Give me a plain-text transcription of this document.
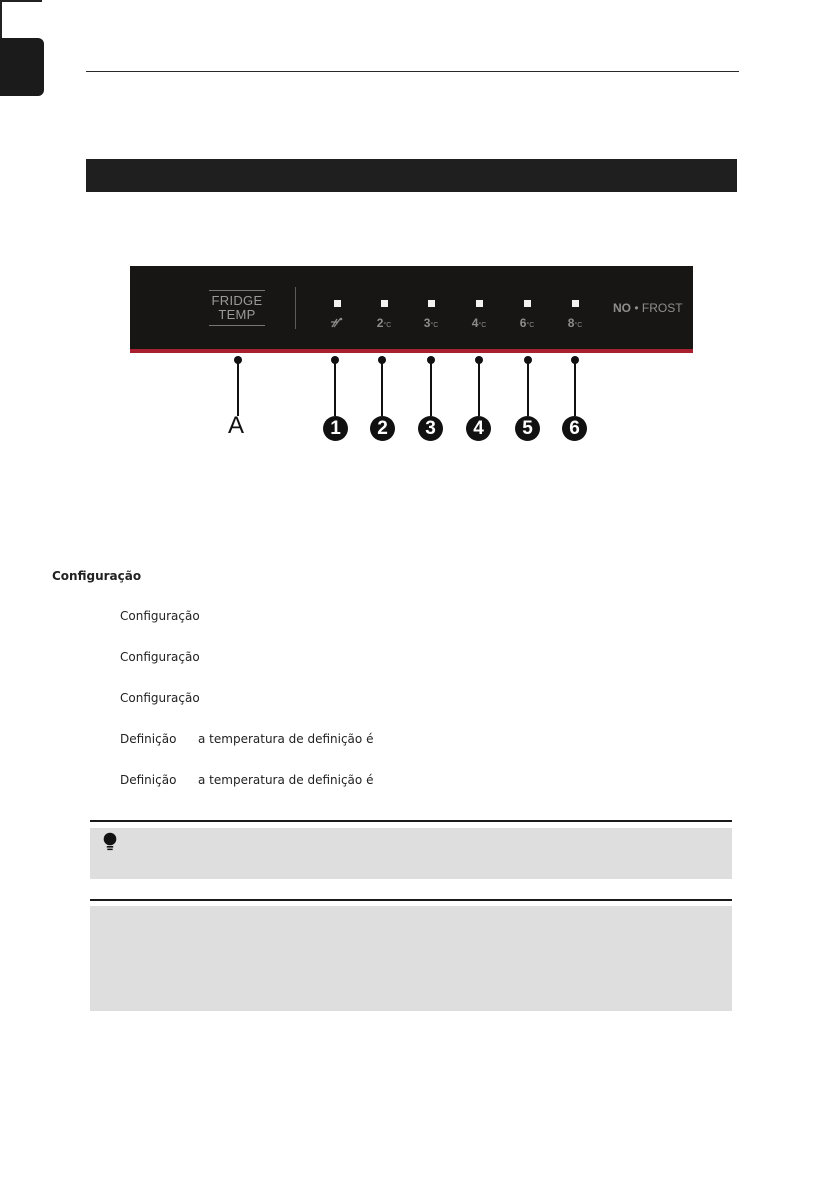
FRIDGE
TEMP
2°C	3°C	4°C	6°C	8°C
NO • FROST
A	1	2	3	4	5	6
Configuração
Configuração
Configuração
Configuração
Definição a temperatura de definição é
Definição a temperatura de definição é
